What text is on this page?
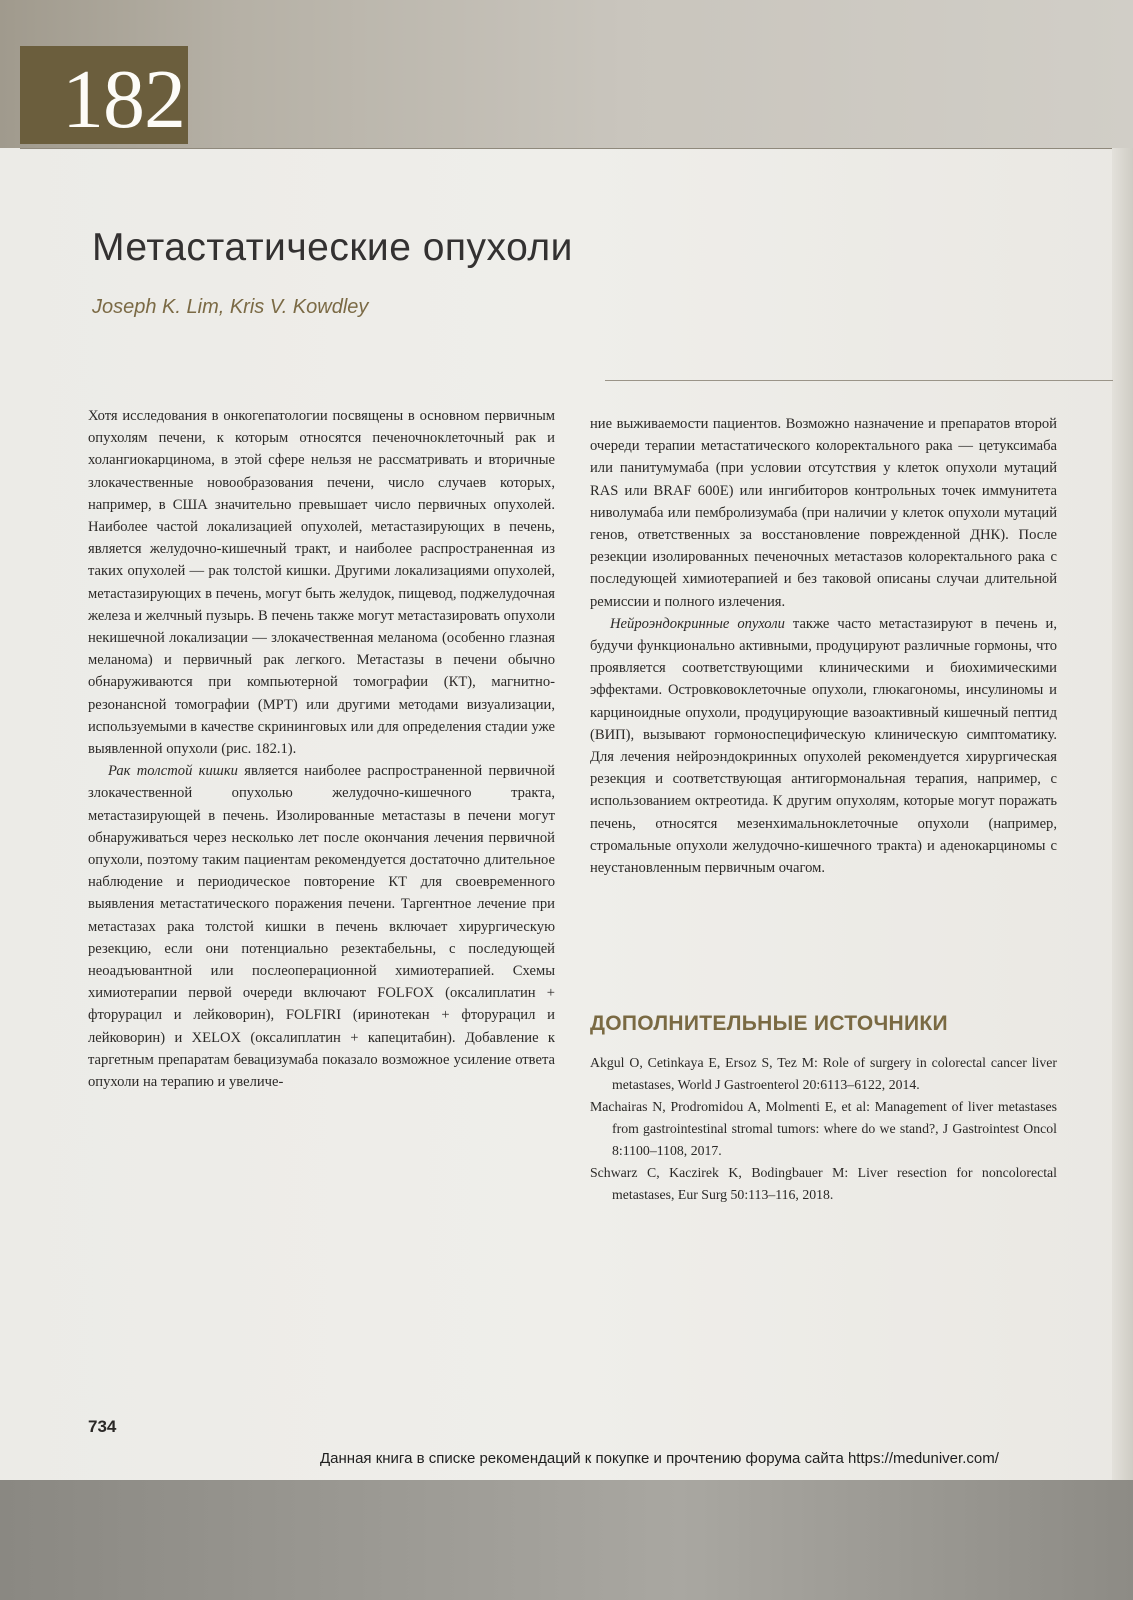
182
Метастатические опухоли
Joseph K. Lim, Kris V. Kowdley

Хотя исследования в онкогепатологии посвящены в основном первичным опухолям печени, к которым относятся печеночноклеточный рак и холангиокарцинома, в этой сфере нельзя не рассматривать и вторичные злокачественные новообразования печени, число случаев которых, например, в США значительно превышает число первичных опухолей. Наиболее частой локализацией опухолей, метастазирующих в печень, является желудочно-кишечный тракт, и наиболее распространенная из таких опухолей — рак толстой кишки. Другими локализациями опухолей, метастазирующих в печень, могут быть желудок, пищевод, поджелудочная железа и желчный пузырь. В печень также могут метастазировать опухоли некишечной локализации — злокачественная меланома (особенно глазная меланома) и первичный рак легкого. Метастазы в печени обычно обнаруживаются при компьютерной томографии (КТ), магнитно-резонансной томографии (МРТ) или другими методами визуализации, используемыми в качестве скрининговых или для определения стадии уже выявленной опухоли (рис. 182.1).

Рак толстой кишки является наиболее распространенной первичной злокачественной опухолью желудочно-кишечного тракта, метастазирующей в печень. Изолированные метастазы в печени могут обнаруживаться через несколько лет после окончания лечения первичной опухоли, поэтому таким пациентам рекомендуется достаточно длительное наблюдение и периодическое повторение КТ для своевременного выявления метастатического поражения печени. Таргентное лечение при метастазах рака толстой кишки в печень включает хирургическую резекцию, если они потенциально резектабельны, с последующей неоадъювантной или послеоперационной химиотерапией. Схемы химиотерапии первой очереди включают FOLFOX (оксалиплатин + фторурацил и лейковорин), FOLFIRI (иринотекан + фторурацил и лейковорин) и XELOX (оксалиплатин + капецитабин). Добавление к таргетным препаратам бевацизумаба показало возможное усиление ответа опухоли на терапию и увеличе-

ние выживаемости пациентов. Возможно назначение и препаратов второй очереди терапии метастатического колоректального рака — цетуксимаба или панитумумаба (при условии отсутствия у клеток опухоли мутаций RAS или BRAF 600E) или ингибиторов контрольных точек иммунитета ниволумаба или пембролизумаба (при наличии у клеток опухоли мутаций генов, ответственных за восстановление поврежденной ДНК). После резекции изолированных печеночных метастазов колоректального рака с последующей химиотерапией и без таковой описаны случаи длительной ремиссии и полного излечения.

Нейроэндокринные опухоли также часто метастазируют в печень и, будучи функционально активными, продуцируют различные гормоны, что проявляется соответствующими клиническими и биохимическими эффектами. Островковоклеточные опухоли, глюкагономы, инсулиномы и карциноидные опухоли, продуцирующие вазоактивный кишечный пептид (ВИП), вызывают гормоноспецифическую клиническую симптоматику. Для лечения нейроэндокринных опухолей рекомендуется хирургическая резекция и соответствующая антигормональная терапия, например, с использованием октреотида. К другим опухолям, которые могут поражать печень, относятся мезенхимальноклеточные опухоли (например, стромальные опухоли желудочно-кишечного тракта) и аденокарциномы с неустановленным первичным очагом.

ДОПОЛНИТЕЛЬНЫЕ ИСТОЧНИКИ
Akgul O, Cetinkaya E, Ersoz S, Tez M: Role of surgery in colorectal cancer liver metastases, World J Gastroenterol 20:6113–6122, 2014.
Machairas N, Prodromidou A, Molmenti E, et al: Management of liver metastases from gastrointestinal stromal tumors: where do we stand?, J Gastrointest Oncol 8:1100–1108, 2017.
Schwarz C, Kaczirek K, Bodingbauer M: Liver resection for noncolorectal metastases, Eur Surg 50:113–116, 2018.
734
Данная книга в списке рекомендаций к покупке и прочтению форума сайта https://meduniver.com/
